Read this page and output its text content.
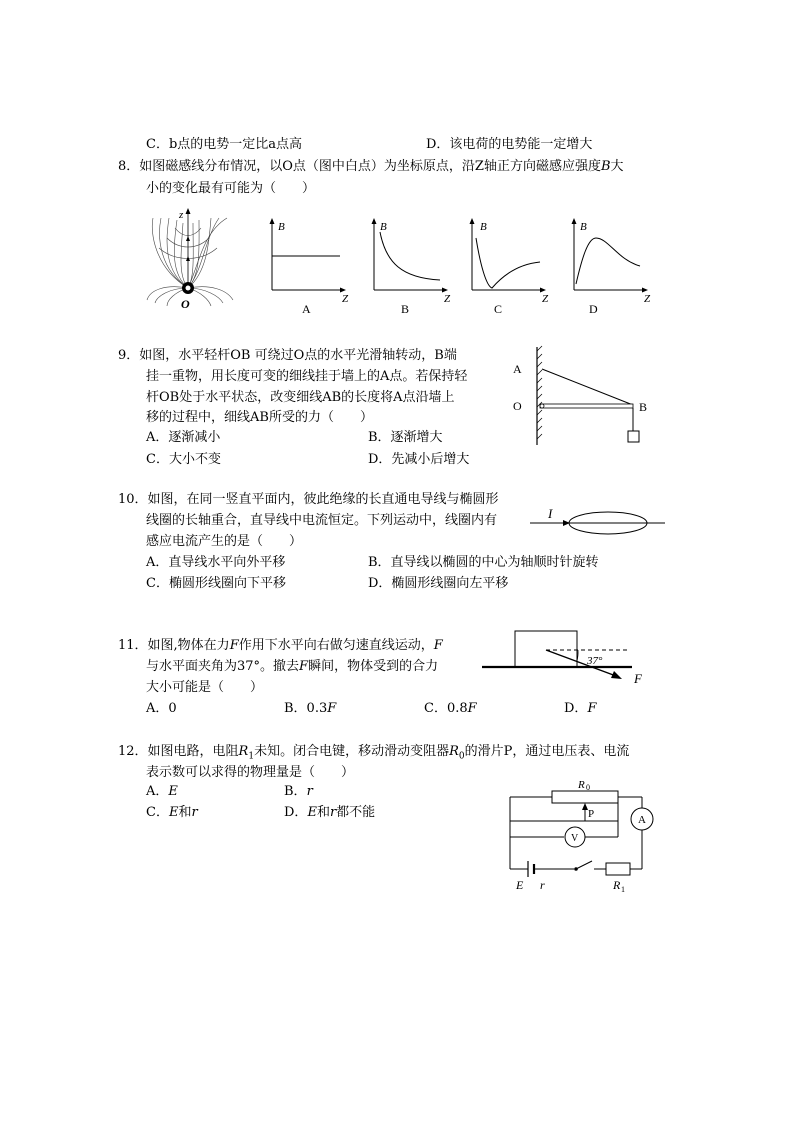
C．b点的电势一定比a点高	D．该电荷的电势能一定增大
8．如图磁感线分布情况，以O点（图中白点）为坐标原点，沿Z轴正方向磁感应强度B大
小的变化最有可能为（　　）
z
O
B
Z
A
B
Z
B
B
Z
C
B
Z
D
9．如图，水平轻杆OB 可绕过O点的水平光滑轴转动，B端
挂一重物，用长度可变的细线挂于墙上的A点。若保持轻
杆OB处于水平状态，改变细线AB的长度将A点沿墙上
移的过程中，细线AB所受的力（　　）
A．逐渐减小	B．逐渐增大
C．大小不变	D．先减小后增大
A
O	B
10．如图，在同一竖直平面内，彼此绝缘的长直通电导线与椭圆形
线圈的长轴重合，直导线中电流恒定。下列运动中，线圈内有
感应电流产生的是（　　）
A．直导线水平向外平移	B．直导线以椭圆的中心为轴顺时针旋转
C．椭圆形线圈向下平移	D．椭圆形线圈向左平移
I
11．如图,物体在力F作用下水平向右做匀速直线运动，F
与水平面夹角为37°。撤去F瞬间，物体受到的合力
大小可能是（　　）
A．0	B．0.3F	C．0.8F	D．F
37°
F
12．如图电路，电阻$R_1$未知。闭合电键，移动滑动变阻器$R_0$的滑片P，通过电压表、电流
表示数可以求得的物理量是（　　）
A．E	B．r
C．E和r	D．E和r都不能	A
V
P
R 0
E r	R 1
